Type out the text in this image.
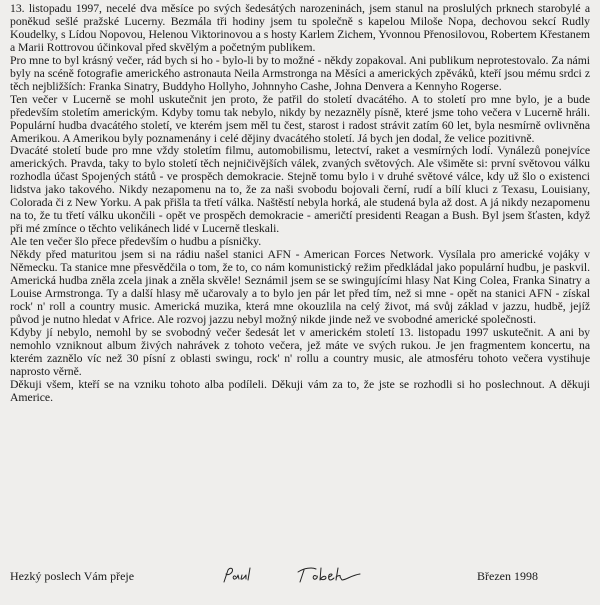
13. listopadu 1997, necelé dva měsíce po svých šedesátých narozeninách, jsem stanul na proslulých prknech starobylé a poněkud sešlé pražské Lucerny. Bezmála tři hodiny jsem tu společně s kapelou Miloše Nopa, dechovou sekcí Rudly Koudelky, s Lídou Nopovou, Helenou Viktorinovou a s hosty Karlem Zichem, Yvonnou Přenosilovou, Robertem Křestanem a Marii Rottrovou účinkoval před skvělým a početným publikem.

Pro mne to byl krásný večer, rád bych si ho - bylo-li by to možné - někdy zopakoval. Ani publikum neprotestovalo. Za námi byly na scéně fotografie amerického astronauta Neila Armstronga na Měsíci a amerických zpěváků, kteří jsou mému srdci z těch nejbližších: Franka Sinatry, Buddyho Hollyho, Johnnyho Cashe, Johna Denvera a Kennyho Rogerse.

Ten večer v Lucerně se mohl uskutečnit jen proto, že patřil do století dvacátého. A to století pro mne bylo, je a bude především stoletím americkým. Kdyby tomu tak nebylo, nikdy by nezazněly písně, které jsme toho večera v Lucerně hráli. Populární hudba dvacátého století, ve kterém jsem měl tu čest, starost i radost strávit zatím 60 let, byla nesmírně ovlivněna Amerikou. A Amerikou byly poznamenány i celé dějiny dvacátého století. Já bych jen dodal, že velice pozitivně.

Dvacáté století bude pro mne vždy stoletím filmu, automobilismu, letectví, raket a vesmírných lodí. Vynálezů ponejvíce amerických. Pravda, taky to bylo století těch nejničivějších válek, zvaných světových. Ale všiměte si: první světovou válku rozhodla účast Spojených států - ve prospěch demokracie. Stejně tomu bylo i v druhé světové válce, kdy už šlo o existenci lidstva jako takového. Nikdy nezapomenu na to, že za naši svobodu bojovali černí, rudí a bílí kluci z Texasu, Louisiany, Colorada či z New Yorku. A pak přišla ta třetí válka. Naštěstí nebyla horká, ale studená byla až dost. A já nikdy nezapomenu na to, že tu třetí válku ukončili - opět ve prospěch demokracie - američtí presidenti Reagan a Bush. Byl jsem šťasten, když při mé zmínce o těchto velikánech lidé v Lucerně tleskali.

Ale ten večer šlo přece především o hudbu a písničky.

Někdy před maturitou jsem si na rádiu našel stanici AFN - American Forces Network. Vysílala pro americké vojáky v Německu. Ta stanice mne přesvědčila o tom, že to, co nám komunistický režim předkládal jako populární hudbu, je paskvil. Americká hudba zněla zcela jinak a zněla skvěle! Seznámil jsem se se swingujícími hlasy Nat King Colea, Franka Sinatry a Louise Armstronga. Ty a další hlasy mě učarovaly a to bylo jen pár let před tím, než si mne - opět na stanici AFN - získal rock' n' roll a country music. Americká muzika, která mne okouzlila na celý život, má svůj základ v jazzu, hudbě, jejíž původ je nutno hledat v Africe. Ale rozvoj jazzu nebyl možný nikde jinde než ve svobodné americké společnosti.

Kdyby jí nebylo, nemohl by se svobodný večer šedesát let v americkém století 13. listopadu 1997 uskutečnit. A ani by nemohlo vzniknout album živých nahrávek z tohoto večera, jež máte ve svých rukou. Je jen fragmentem koncertu, na kterém zaznělo víc než 30 písní z oblasti swingu, rock' n' rollu a country music, ale atmosféru tohoto večera vystihuje naprosto věrně.

Děkuji všem, kteří se na vzniku tohoto alba podíleli. Děkuji vám za to, že jste se rozhodli si ho poslechnout. A děkuji Americe.

Hezký poslech Vám přeje	Březen 1998
